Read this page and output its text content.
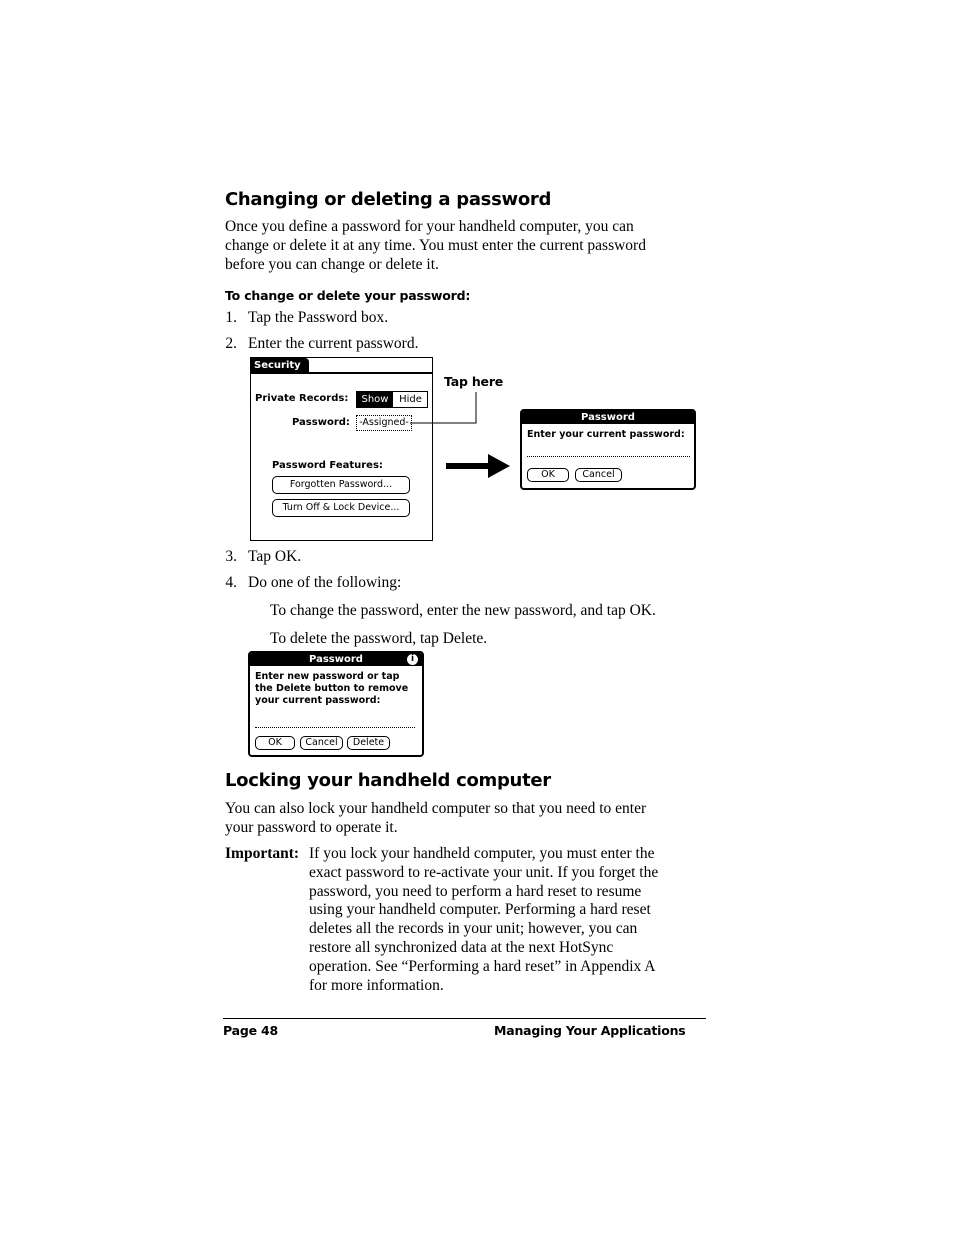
Changing or deleting a password
Once you define a password for your handheld computer, you can
change or delete it at any time. You must enter the current password
before you can change or delete it.
To change or delete your password:
1. Tap the Password box.
2. Enter the current password.
Security
Private Records:	Show	Hide
Password: -Assigned-
Password Features:
Forgotten Password...
Turn Off & Lock Device...
Tap here
Password
Enter your current password:
OK	Cancel
3. Tap OK.
4. Do one of the following:
To change the password, enter the new password, and tap OK.
To delete the password, tap Delete.
Password	i
Enter new password or tap
the Delete button to remove
your current password:
OK	Cancel	Delete
Locking your handheld computer
You can also lock your handheld computer so that you need to enter
your password to operate it.
Important: If you lock your handheld computer, you must enter the
exact password to re-activate your unit. If you forget the
password, you need to perform a hard reset to resume
using your handheld computer. Performing a hard reset
deletes all the records in your unit; however, you can
restore all synchronized data at the next HotSync
operation. See “Performing a hard reset” in Appendix A
for more information.
Page 48	Managing Your Applications
